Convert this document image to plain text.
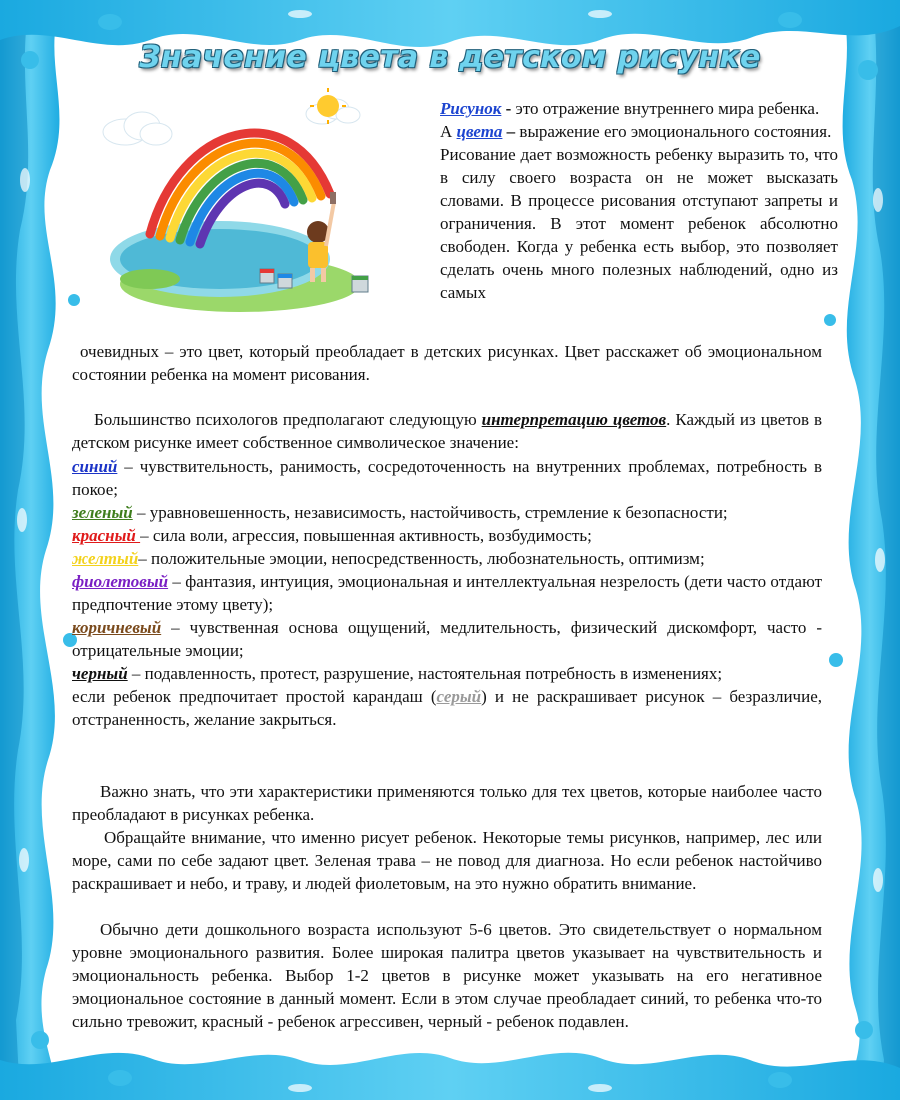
Значение цвета в детском рисунке

Рисунок - это отражение внутреннего мира ребенка.
А цвета – выражение его эмоционального состояния.
Рисование дает возможность ребенку выразить то, что в силу своего возраста он не может высказать словами. В процессе рисования отступают запреты и ограничения. В этот момент ребенок абсолютно свободен. Когда у ребенка есть выбор, это позволяет сделать очень много полезных наблюдений, одно из самых

очевидных – это цвет, который преобладает в детских рисунках. Цвет расскажет об эмоциональном состоянии ребенка на момент рисования.

Большинство психологов предполагают следующую интерпретацию цветов. Каждый из цветов в детском рисунке имеет собственное символическое значение:

синий – чувствительность, ранимость, сосредоточенность на внутренних проблемах, потребность в покое;

зеленый – уравновешенность, независимость, настойчивость, стремление к безопасности;

красный – сила воли, агрессия, повышенная активность, возбудимость;

желтый– положительные эмоции, непосредственность, любознательность, оптимизм;

фиолетовый – фантазия, интуиция, эмоциональная и интеллектуальная незрелость (дети часто отдают предпочтение этому цвету);

коричневый – чувственная основа ощущений, медлительность, физический дискомфорт, часто - отрицательные эмоции;

черный – подавленность, протест, разрушение, настоятельная потребность в изменениях;

если ребенок предпочитает простой карандаш (серый) и не раскрашивает рисунок – безразличие, отстраненность, желание закрыться.

Важно знать, что эти характеристики применяются только для тех цветов, которые наиболее часто преобладают в рисунках ребенка.

Обращайте внимание, что именно рисует ребенок. Некоторые темы рисунков, например, лес или море, сами по себе задают цвет. Зеленая трава – не повод для диагноза. Но если ребенок настойчиво раскрашивает и небо, и траву, и людей фиолетовым, на это нужно обратить внимание.

Обычно дети дошкольного возраста используют 5-6 цветов. Это свидетельствует о нормальном уровне эмоционального развития. Более широкая палитра цветов указывает на чувствительность и эмоциональность ребенка. Выбор 1-2 цветов в рисунке может указывать на его негативное эмоциональное состояние в данный момент. Если в этом случае преобладает синий, то ребенка что-то сильно тревожит, красный - ребенок агрессивен, черный - ребенок подавлен.
